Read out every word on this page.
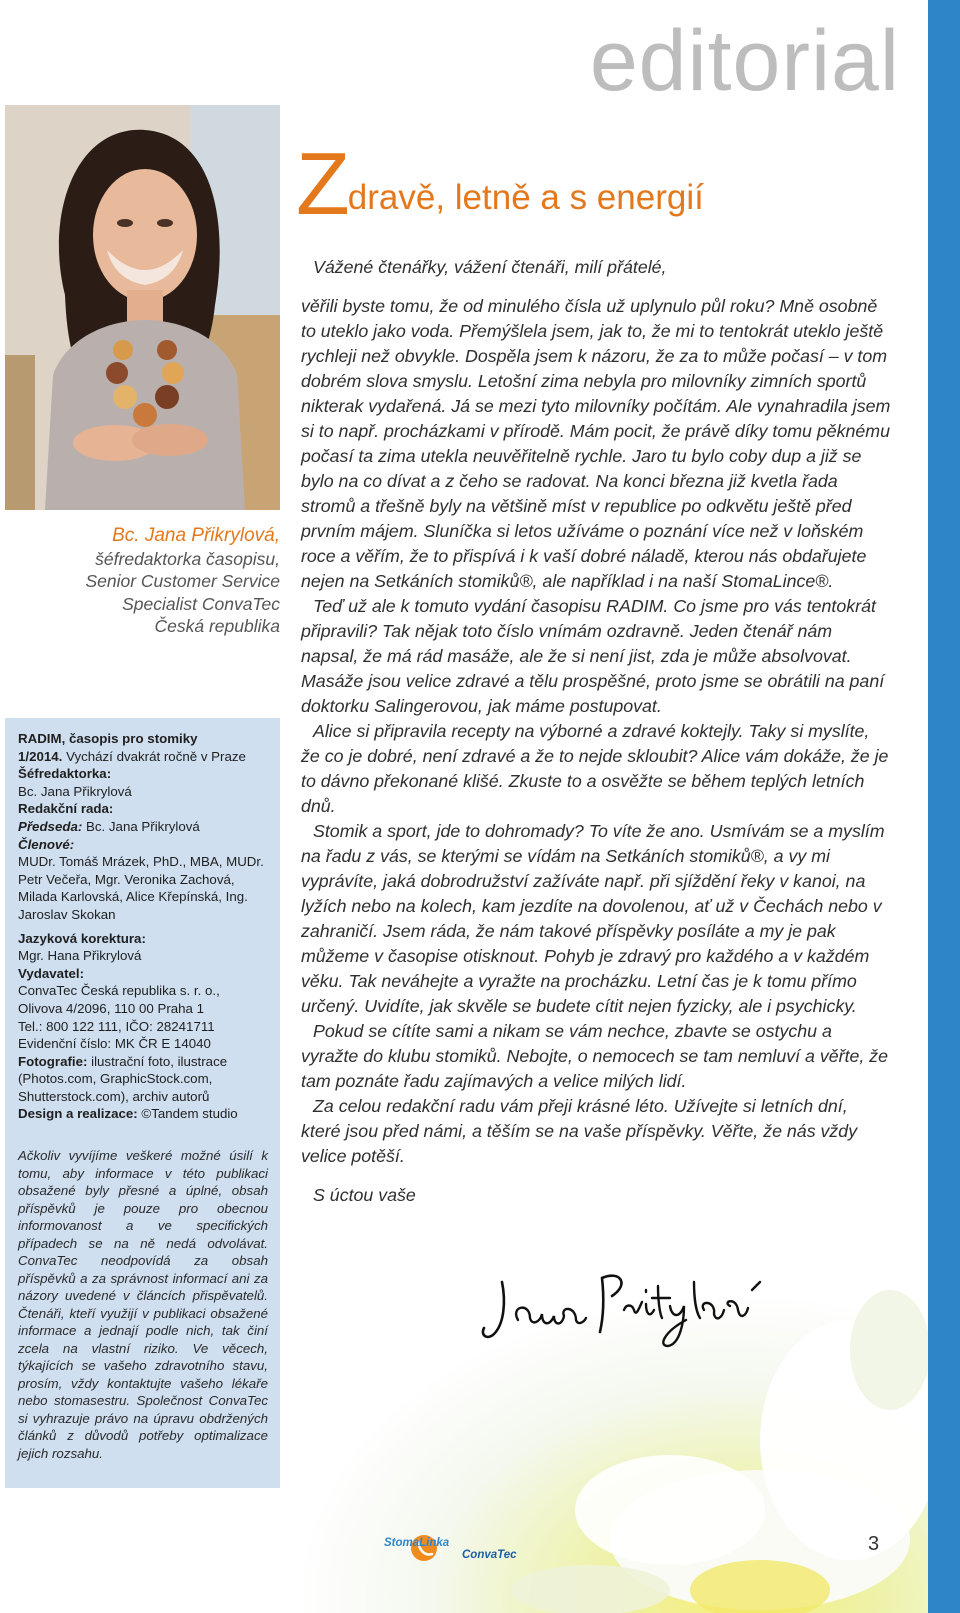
editorial
Bc. Jana Přikrylová,
šéfredaktorka časopisu,
Senior Customer Service
Specialist ConvaTec
Česká republika
RADIM, časopis pro stomiky
1/2014. Vychází dvakrát ročně v Praze
Šéfredaktorka:
Bc. Jana Přikrylová
Redakční rada:
Předseda: Bc. Jana Přikrylová
Členové:
MUDr. Tomáš Mrázek, PhD., MBA, MUDr. Petr Večeřa, Mgr. Veronika Zachová, Milada Karlovská, Alice Křepínská, Ing. Jaroslav Skokan
Jazyková korektura:
Mgr. Hana Přikrylová
Vydavatel:
ConvaTec Česká republika s. r. o.,
Olivova 4/2096, 110 00 Praha 1
Tel.: 800 122 111, IČO: 28241711
Evidenční číslo: MK ČR E 14040
Fotografie: ilustrační foto, ilustrace (Photos.com, GraphicStock.com, Shutterstock.com), archiv autorů
Design a realizace: ©Tandem studio
Ačkoliv vyvíjíme veškeré možné úsilí k tomu, aby informace v této publikaci obsažené byly přesné a úplné, obsah příspěvků je pouze pro obecnou informovanost a ve specifických případech se na ně nedá odvolávat. ConvaTec neodpovídá za obsah příspěvků a za správnost informací ani za názory uvedené v článcích přispěvatelů. Čtenáři, kteří využijí v publikaci obsažené informace a jednají podle nich, tak činí zcela na vlastní riziko. Ve věcech, týkajících se vašeho zdravotního stavu, prosím, vždy kontaktujte vašeho lékaře nebo stomasestru. Společnost ConvaTec si vyhrazuje právo na úpravu obdržených článků z důvodů potřeby optimalizace jejich rozsahu.
Zdravě, letně a s energií

Vážené čtenářky, vážení čtenáři, milí přátelé,

věřili byste tomu, že od minulého čísla už uplynulo půl roku? Mně osobně to uteklo jako voda. Přemýšlela jsem, jak to, že mi to tentokrát uteklo ještě rychleji než obvykle. Dospěla jsem k názoru, že za to může počasí – v tom dobrém slova smyslu. Letošní zima nebyla pro milovníky zimních sportů nikterak vydařená. Já se mezi tyto milovníky počítám. Ale vynahradila jsem si to např. procházkami v přírodě. Mám pocit, že právě díky tomu pěknému počasí ta zima utekla neuvěřitelně rychle. Jaro tu bylo coby dup a již se bylo na co dívat a z čeho se radovat. Na konci března již kvetla řada stromů a třešně byly na většině míst v republice po odkvětu ještě před prvním májem. Sluníčka si letos užíváme o poznání více než v loňském roce a věřím, že to přispívá i k vaší dobré náladě, kterou nás obdařujete nejen na Setkáních stomiků®, ale například i na naší StomaLince®.

Teď už ale k tomuto vydání časopisu RADIM. Co jsme pro vás tentokrát připravili? Tak nějak toto číslo vnímám ozdravně. Jeden čtenář nám napsal, že má rád masáže, ale že si není jist, zda je může absolvovat. Masáže jsou velice zdravé a tělu prospěšné, proto jsme se obrátili na paní doktorku Salingerovou, jak máme postupovat.

Alice si připravila recepty na výborné a zdravé koktejly. Taky si myslíte, že co je dobré, není zdravé a že to nejde skloubit? Alice vám dokáže, že je to dávno překonané klišé. Zkuste to a osvěžte se během teplých letních dnů.

Stomik a sport, jde to dohromady? To víte že ano. Usmívám se a myslím na řadu z vás, se kterými se vídám na Setkáních stomiků®, a vy mi vyprávíte, jaká dobrodružství zažíváte např. při sjíždění řeky v kanoi, na lyžích nebo na kolech, kam jezdíte na dovolenou, ať už v Čechách nebo v zahraničí. Jsem ráda, že nám takové příspěvky posíláte a my je pak můžeme v časopise otisknout. Pohyb je zdravý pro každého a v každém věku. Tak neváhejte a vyražte na procházku. Letní čas je k tomu přímo určený. Uvidíte, jak skvěle se budete cítit nejen fyzicky, ale i psychicky.

Pokud se cítíte sami a nikam se vám nechce, zbavte se ostychu a vyražte do klubu stomiků. Nebojte, o nemocech se tam nemluví a věřte, že tam poznáte řadu zajímavých a velice milých lidí.

Za celou redakční radu vám přeji krásné léto. Užívejte si letních dní, které jsou před námi, a těším se na vaše příspěvky. Věřte, že nás vždy velice potěší.

S úctou vaše

StomaLinka
ConvaTec	3
